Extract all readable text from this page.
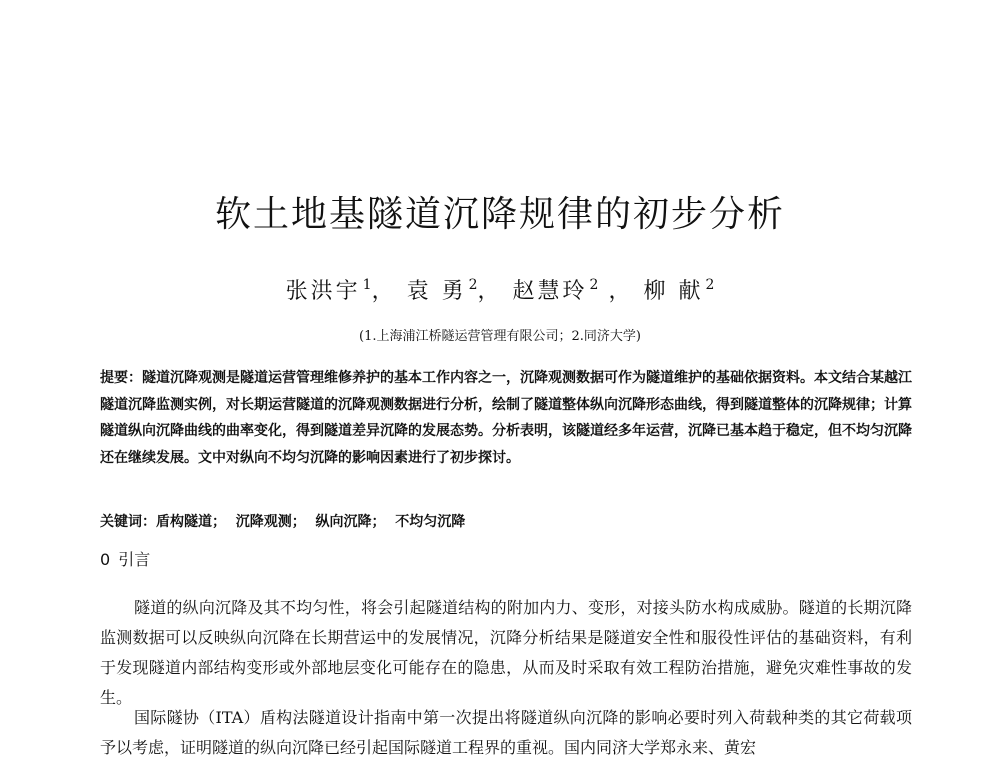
软土地基隧道沉降规律的初步分析
张洪宇 $^1$， 袁 勇 $^2$， 赵慧玲 $^2$ ， 柳 献 $^2$
(1.上海浦江桥隧运营管理有限公司；2.同济大学)
提要：隧道沉降观测是隧道运营管理维修养护的基本工作内容之一，沉降观测数据可作为隧道维护的基础依据资料。本文结合某越江隧道沉降监测实例，对长期运营隧道的沉降观测数据进行分析，绘制了隧道整体纵向沉降形态曲线，得到隧道整体的沉降规律；计算隧道纵向沉降曲线的曲率变化，得到隧道差异沉降的发展态势。分析表明，该隧道经多年运营，沉降已基本趋于稳定，但不均匀沉降还在继续发展。文中对纵向不均匀沉降的影响因素进行了初步探讨。
关键词：盾构隧道；  沉降观测；  纵向沉降；  不均匀沉降
0 引言

隧道的纵向沉降及其不均匀性，将会引起隧道结构的附加内力、变形，对接头防水构成威胁。隧道的长期沉降监测数据可以反映纵向沉降在长期营运中的发展情况，沉降分析结果是隧道安全性和服役性评估的基础资料，有利于发现隧道内部结构变形或外部地层变化可能存在的隐患，从而及时采取有效工程防治措施，避免灾难性事故的发生。

国际隧协（ITA）盾构法隧道设计指南中第一次提出将隧道纵向沉降的影响必要时列入荷载种类的其它荷载项予以考虑，证明隧道的纵向沉降已经引起国际隧道工程界的重视。国内同济大学郑永来、黄宏
